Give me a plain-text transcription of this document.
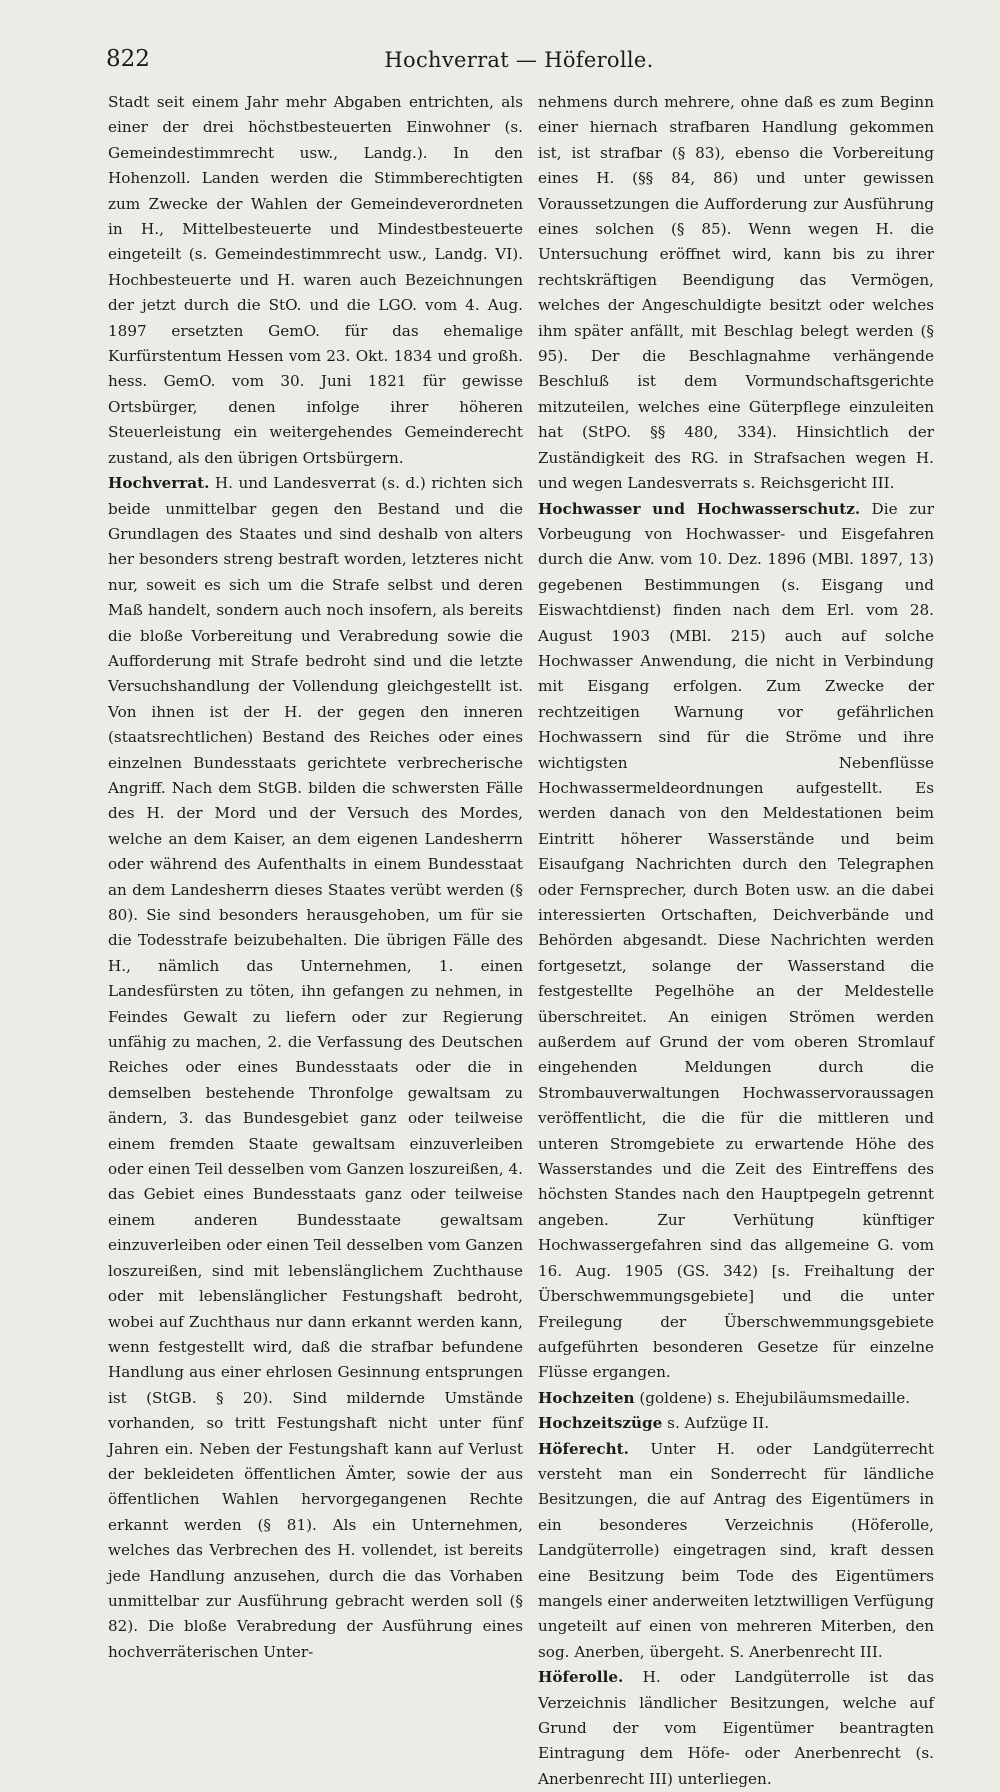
822	Hochverrat — Höferolle.

Stadt seit einem Jahr mehr Abgaben entrichten, als einer der drei höchstbesteuerten Einwohner (s. Gemeindestimmrecht usw., Landg.). In den Hohenzoll. Landen werden die Stimmberechtigten zum Zwecke der Wahlen der Gemeindeverordneten in H., Mittelbesteuerte und Mindestbesteuerte eingeteilt (s. Gemeindestimmrecht usw., Landg. VI). Hochbesteuerte und H. waren auch Bezeichnungen der jetzt durch die StO. und die LGO. vom 4. Aug. 1897 ersetzten GemO. für das ehemalige Kurfürstentum Hessen vom 23. Okt. 1834 und großh. hess. GemO. vom 30. Juni 1821 für gewisse Ortsbürger, denen infolge ihrer höheren Steuerleistung ein weitergehendes Gemeinderecht zustand, als den übrigen Ortsbürgern.

Hochverrat. H. und Landesverrat (s. d.) richten sich beide unmittelbar gegen den Bestand und die Grundlagen des Staates und sind deshalb von alters her besonders streng bestraft worden, letzteres nicht nur, soweit es sich um die Strafe selbst und deren Maß handelt, sondern auch noch insofern, als bereits die bloße Vorbereitung und Verabredung sowie die Aufforderung mit Strafe bedroht sind und die letzte Versuchshandlung der Vollendung gleichgestellt ist. Von ihnen ist der H. der gegen den inneren (staatsrechtlichen) Bestand des Reiches oder eines einzelnen Bundesstaats gerichtete verbrecherische Angriff. Nach dem StGB. bilden die schwersten Fälle des H. der Mord und der Versuch des Mordes, welche an dem Kaiser, an dem eigenen Landesherrn oder während des Aufenthalts in einem Bundesstaat an dem Landesherrn dieses Staates verübt werden (§ 80). Sie sind besonders herausgehoben, um für sie die Todesstrafe beizubehalten. Die übrigen Fälle des H., nämlich das Unternehmen, 1. einen Landesfürsten zu töten, ihn gefangen zu nehmen, in Feindes Gewalt zu liefern oder zur Regierung unfähig zu machen, 2. die Verfassung des Deutschen Reiches oder eines Bundesstaats oder die in demselben bestehende Thronfolge gewaltsam zu ändern, 3. das Bundesgebiet ganz oder teilweise einem fremden Staate gewaltsam einzuverleiben oder einen Teil desselben vom Ganzen loszureißen, 4. das Gebiet eines Bundesstaats ganz oder teilweise einem anderen Bundesstaate gewaltsam einzuverleiben oder einen Teil desselben vom Ganzen loszureißen, sind mit lebenslänglichem Zuchthause oder mit lebenslänglicher Festungshaft bedroht, wobei auf Zuchthaus nur dann erkannt werden kann, wenn festgestellt wird, daß die strafbar befundene Handlung aus einer ehrlosen Gesinnung entsprungen ist (StGB. § 20). Sind mildernde Umstände vorhanden, so tritt Festungshaft nicht unter fünf Jahren ein. Neben der Festungshaft kann auf Verlust der bekleideten öffentlichen Ämter, sowie der aus öffentlichen Wahlen hervorgegangenen Rechte erkannt werden (§ 81). Als ein Unternehmen, welches das Verbrechen des H. vollendet, ist bereits jede Handlung anzusehen, durch die das Vorhaben unmittelbar zur Ausführung gebracht werden soll (§ 82). Die bloße Verabredung der Ausführung eines hochverräterischen Unter-

nehmens durch mehrere, ohne daß es zum Beginn einer hiernach strafbaren Handlung gekommen ist, ist strafbar (§ 83), ebenso die Vorbereitung eines H. (§§ 84, 86) und unter gewissen Voraussetzungen die Aufforderung zur Ausführung eines solchen (§ 85). Wenn wegen H. die Untersuchung eröffnet wird, kann bis zu ihrer rechtskräftigen Beendigung das Vermögen, welches der Angeschuldigte besitzt oder welches ihm später anfällt, mit Beschlag belegt werden (§ 95). Der die Beschlagnahme verhängende Beschluß ist dem Vormundschaftsgerichte mitzuteilen, welches eine Güterpflege einzuleiten hat (StPO. §§ 480, 334). Hinsichtlich der Zuständigkeit des RG. in Strafsachen wegen H. und wegen Landesverrats s. Reichsgericht III.

Hochwasser und Hochwasserschutz. Die zur Vorbeugung von Hochwasser- und Eisgefahren durch die Anw. vom 10. Dez. 1896 (MBl. 1897, 13) gegebenen Bestimmungen (s. Eisgang und Eiswachtdienst) finden nach dem Erl. vom 28. August 1903 (MBl. 215) auch auf solche Hochwasser Anwendung, die nicht in Verbindung mit Eisgang erfolgen. Zum Zwecke der rechtzeitigen Warnung vor gefährlichen Hochwassern sind für die Ströme und ihre wichtigsten Nebenflüsse Hochwassermeldeordnungen aufgestellt. Es werden danach von den Meldestationen beim Eintritt höherer Wasserstände und beim Eisaufgang Nachrichten durch den Telegraphen oder Fernsprecher, durch Boten usw. an die dabei interessierten Ortschaften, Deichverbände und Behörden abgesandt. Diese Nachrichten werden fortgesetzt, solange der Wasserstand die festgestellte Pegelhöhe an der Meldestelle überschreitet. An einigen Strömen werden außerdem auf Grund der vom oberen Stromlauf eingehenden Meldungen durch die Strombauverwaltungen Hochwasservoraussagen veröffentlicht, die die für die mittleren und unteren Stromgebiete zu erwartende Höhe des Wasserstandes und die Zeit des Eintreffens des höchsten Standes nach den Hauptpegeln getrennt angeben. Zur Verhütung künftiger Hochwassergefahren sind das allgemeine G. vom 16. Aug. 1905 (GS. 342) [s. Freihaltung der Überschwemmungsgebiete] und die unter Freilegung der Überschwemmungsgebiete aufgeführten besonderen Gesetze für einzelne Flüsse ergangen.

Hochzeiten (goldene) s. Ehejubiläumsmedaille.

Hochzeitszüge s. Aufzüge II.

Höferecht. Unter H. oder Landgüterrecht versteht man ein Sonderrecht für ländliche Besitzungen, die auf Antrag des Eigentümers in ein besonderes Verzeichnis (Höferolle, Landgüterrolle) eingetragen sind, kraft dessen eine Besitzung beim Tode des Eigentümers mangels einer anderweiten letztwilligen Verfügung ungeteilt auf einen von mehreren Miterben, den sog. Anerben, übergeht. S. Anerbenrecht III.

Höferolle. H. oder Landgüterrolle ist das Verzeichnis ländlicher Besitzungen, welche auf Grund der vom Eigentümer beantragten Eintragung dem Höfe- oder Anerbenrecht (s. Anerbenrecht III) unterliegen.
